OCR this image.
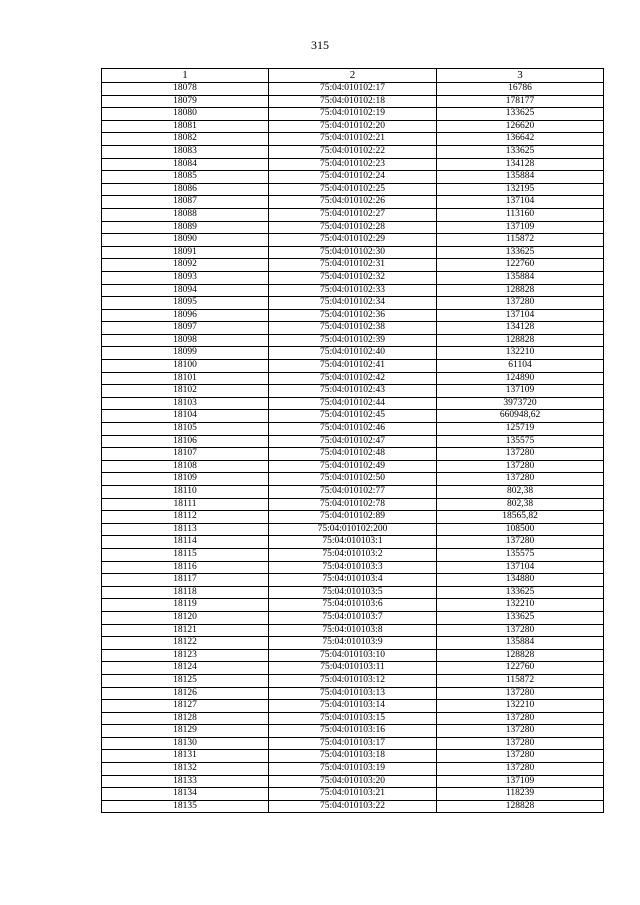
315
1	2	3
18078	75:04:010102:17	16786
18079	75:04:010102:18	178177
18080	75:04:010102:19	133625
18081	75:04:010102:20	126620
18082	75:04:010102:21	136642
18083	75:04:010102:22	133625
18084	75:04:010102:23	134128
18085	75:04:010102:24	135884
18086	75:04:010102:25	132195
18087	75:04:010102:26	137104
18088	75:04:010102:27	113160
18089	75:04:010102:28	137109
18090	75:04:010102:29	115872
18091	75:04:010102:30	133625
18092	75:04:010102:31	122760
18093	75:04:010102:32	135884
18094	75:04:010102:33	128828
18095	75:04:010102:34	137280
18096	75:04:010102:36	137104
18097	75:04:010102:38	134128
18098	75:04:010102:39	128828
18099	75:04:010102:40	132210
18100	75:04:010102:41	61104
18101	75:04:010102:42	124890
18102	75:04:010102:43	137109
18103	75:04:010102:44	3973720
18104	75:04:010102:45	660948,62
18105	75:04:010102:46	125719
18106	75:04:010102:47	135575
18107	75:04:010102:48	137280
18108	75:04:010102:49	137280
18109	75:04:010102:50	137280
18110	75:04:010102:77	802,38
18111	75:04:010102:78	802,38
18112	75:04:010102:89	18565,82
18113	75:04:010102:200	108500
18114	75:04:010103:1	137280
18115	75:04:010103:2	135575
18116	75:04:010103:3	137104
18117	75:04:010103:4	134880
18118	75:04:010103:5	133625
18119	75:04:010103:6	132210
18120	75:04:010103:7	133625
18121	75:04:010103:8	137280
18122	75:04:010103:9	135884
18123	75:04:010103:10	128828
18124	75:04:010103:11	122760
18125	75:04:010103:12	115872
18126	75:04:010103:13	137280
18127	75:04:010103:14	132210
18128	75:04:010103:15	137280
18129	75:04:010103:16	137280
18130	75:04:010103:17	137280
18131	75:04:010103:18	137280
18132	75:04:010103:19	137280
18133	75:04:010103:20	137109
18134	75:04:010103:21	118239
18135	75:04:010103:22	128828
